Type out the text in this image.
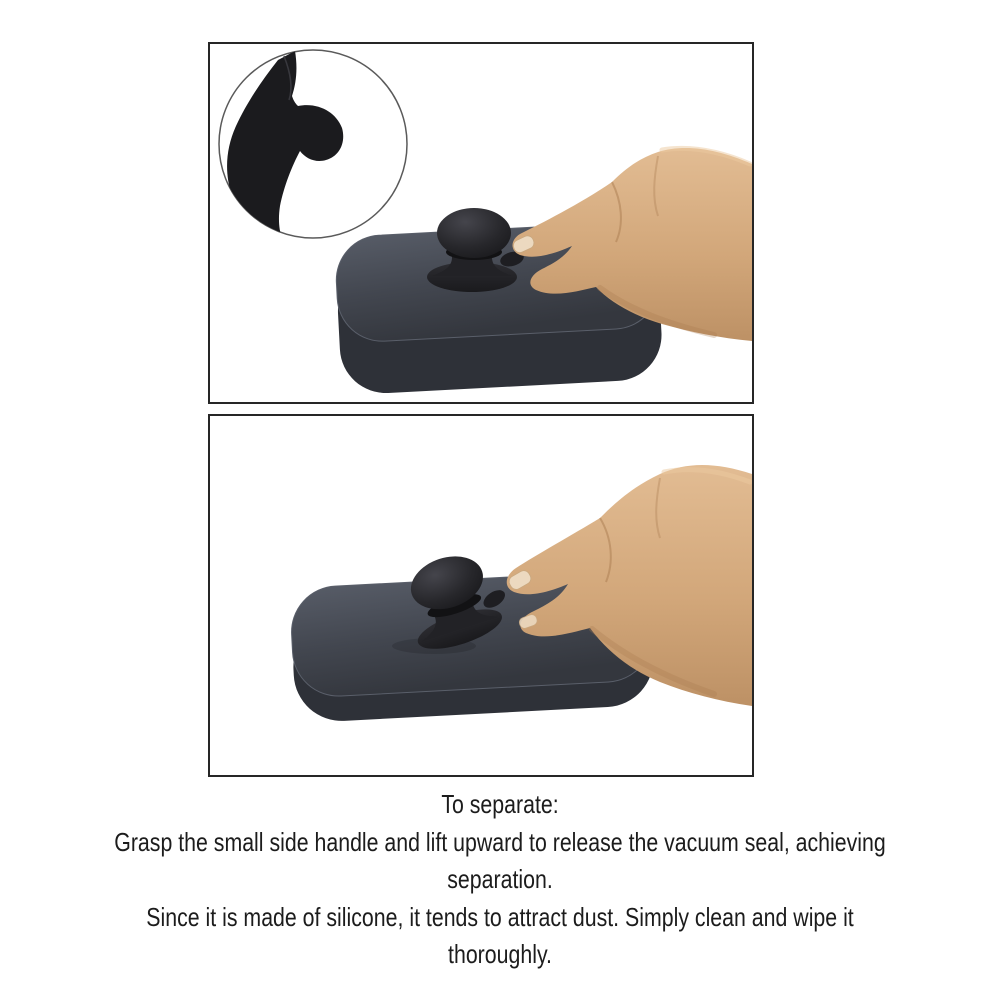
To separate:

Grasp the small side handle and lift upward to release the vacuum seal, achieving

separation.

Since it is made of silicone, it tends to attract dust. Simply clean and wipe it

thoroughly.
